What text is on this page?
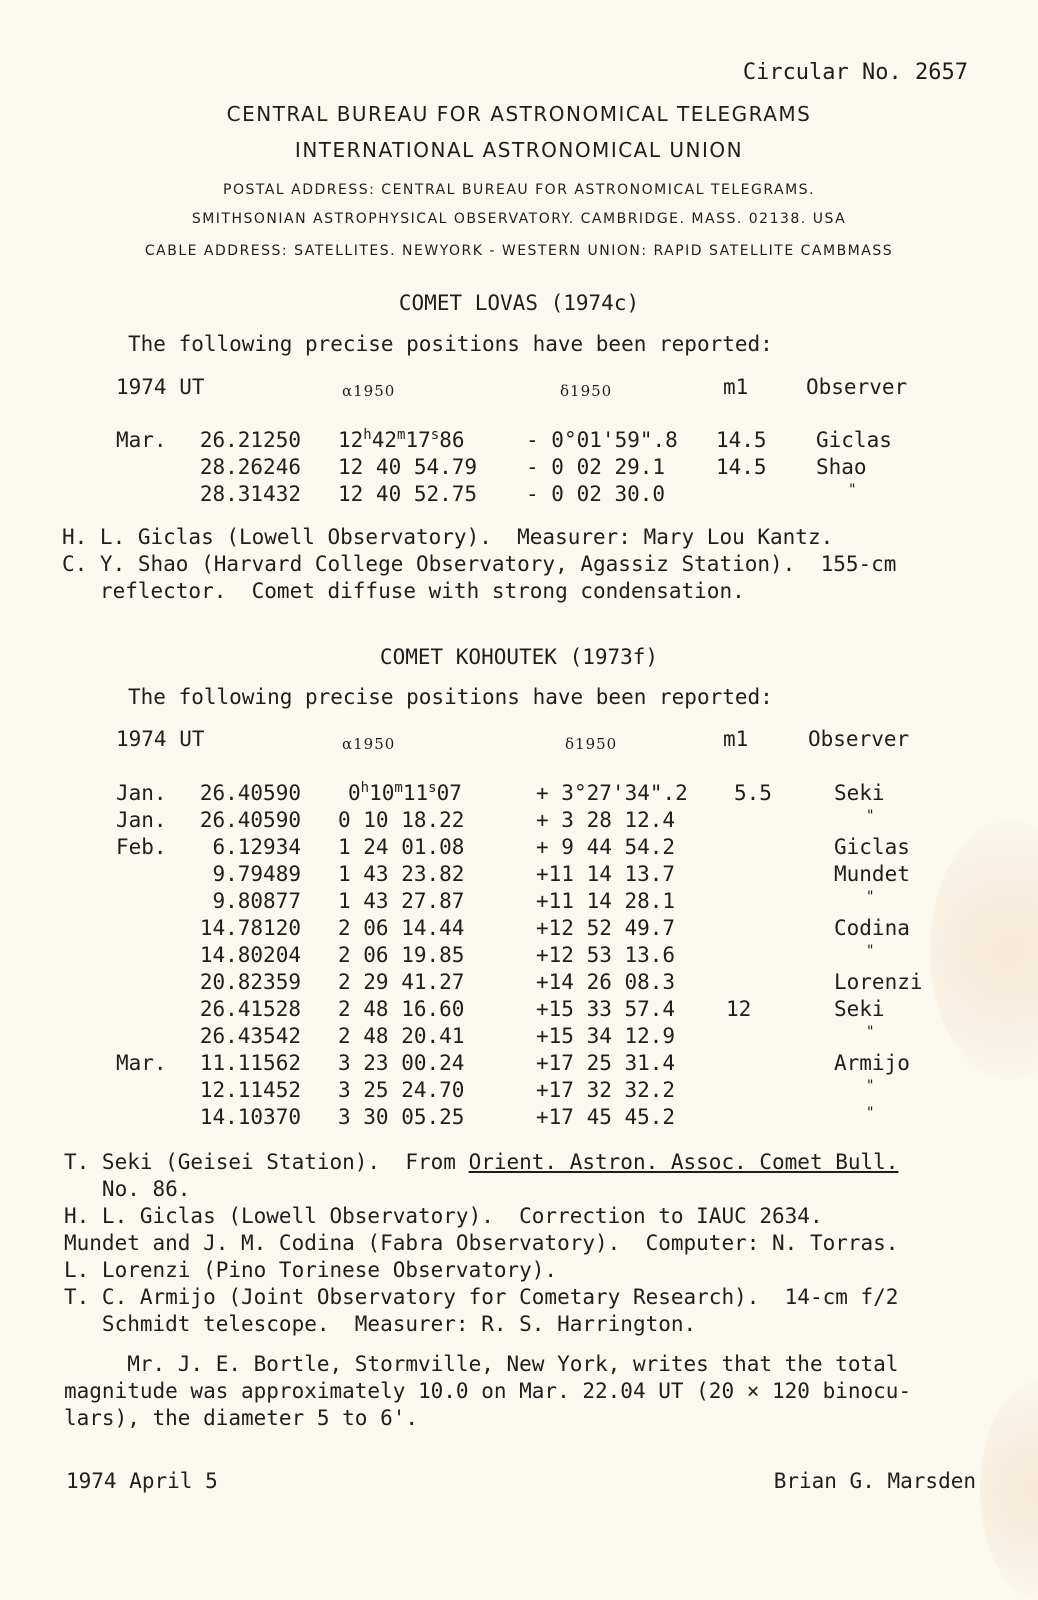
Circular No. 2657
CENTRAL BUREAU FOR ASTRONOMICAL TELEGRAMS
INTERNATIONAL ASTRONOMICAL UNION
POSTAL ADDRESS: CENTRAL BUREAU FOR ASTRONOMICAL TELEGRAMS.
SMITHSONIAN ASTROPHYSICAL OBSERVATORY. CAMBRIDGE. MASS. 02138. USA
CABLE ADDRESS: SATELLITES. NEWYORK - WESTERN UNION: RAPID SATELLITE CAMBMASS
COMET LOVAS (1974c)
The following precise positions have been reported:
1974 UT	α1950	δ1950	m1	Observer
Mar.	26.21250	12$^h$42$^m$17$^s$86	- 0°01'59".8	14.5	Giclas
	28.26246	12 40 54.79	- 0 02 29.1	14.5	Shao
	28.31432	12 40 52.75	- 0 02 30.0		"
H. L. Giclas (Lowell Observatory).  Measurer: Mary Lou Kantz.
C. Y. Shao (Harvard College Observatory, Agassiz Station).  155-cm
reflector.  Comet diffuse with strong condensation.
COMET KOHOUTEK (1973f)
The following precise positions have been reported:
1974 UT	α1950	δ1950	m1	Observer
Jan.	26.40590	$0^h10^m11^s07$	+ 3°27'34".2	5.5	Seki
Jan.	26.40590	0 10 18.22	+ 3 28 12.4		"
Feb.	6.12934	1 24 01.08	+ 9 44 54.2		Giclas
	9.79489	1 43 23.82	+11 14 13.7		Mundet
	9.80877	1 43 27.87	+11 14 28.1		"
	14.78120	2 06 14.44	+12 52 49.7		Codina
	14.80204	2 06 19.85	+12 53 13.6		"
	20.82359	2 29 41.27	+14 26 08.3		Lorenzi
	26.41528	2 48 16.60	+15 33 57.4	12	Seki
	26.43542	2 48 20.41	+15 34 12.9		"
Mar.	11.11562	3 23 00.24	+17 25 31.4		Armijo
	12.11452	3 25 24.70	+17 32 32.2		"
	14.10370	3 30 05.25	+17 45 45.2		"
T. Seki (Geisei Station).  From Orient. Astron. Assoc. Comet Bull.
No. 86.
H. L. Giclas (Lowell Observatory).  Correction to IAUC 2634.
Mundet and J. M. Codina (Fabra Observatory).  Computer: N. Torras.
L. Lorenzi (Pino Torinese Observatory).
T. C. Armijo (Joint Observatory for Cometary Research).  14-cm f/2
Schmidt telescope.  Measurer: R. S. Harrington.
Mr. J. E. Bortle, Stormville, New York, writes that the total
magnitude was approximately 10.0 on Mar. 22.04 UT (20 × 120 binocu-
lars), the diameter 5 to 6'.
1974 April 5	Brian G. Marsden
